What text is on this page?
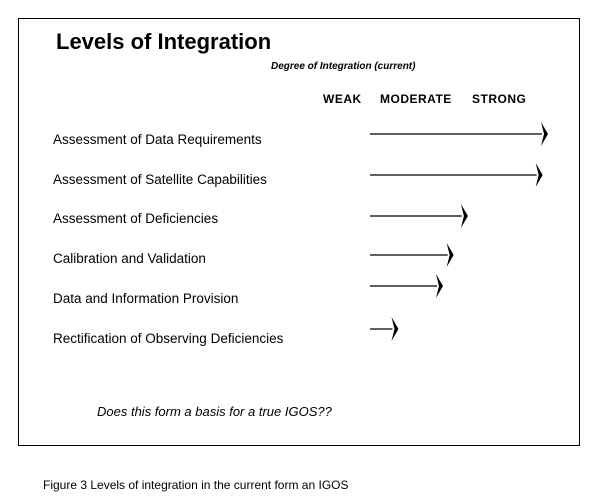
Levels of Integration
Degree of Integration (current)
WEAK MODERATE STRONG
Assessment of Data Requirements
Assessment of Satellite Capabilities
Assessment of Deficiencies
Calibration and Validation
Data and Information Provision
Rectification of Observing Deficiencies
Does this form a basis for a true IGOS??
Figure 3 Levels of integration in the current form an IGOS
